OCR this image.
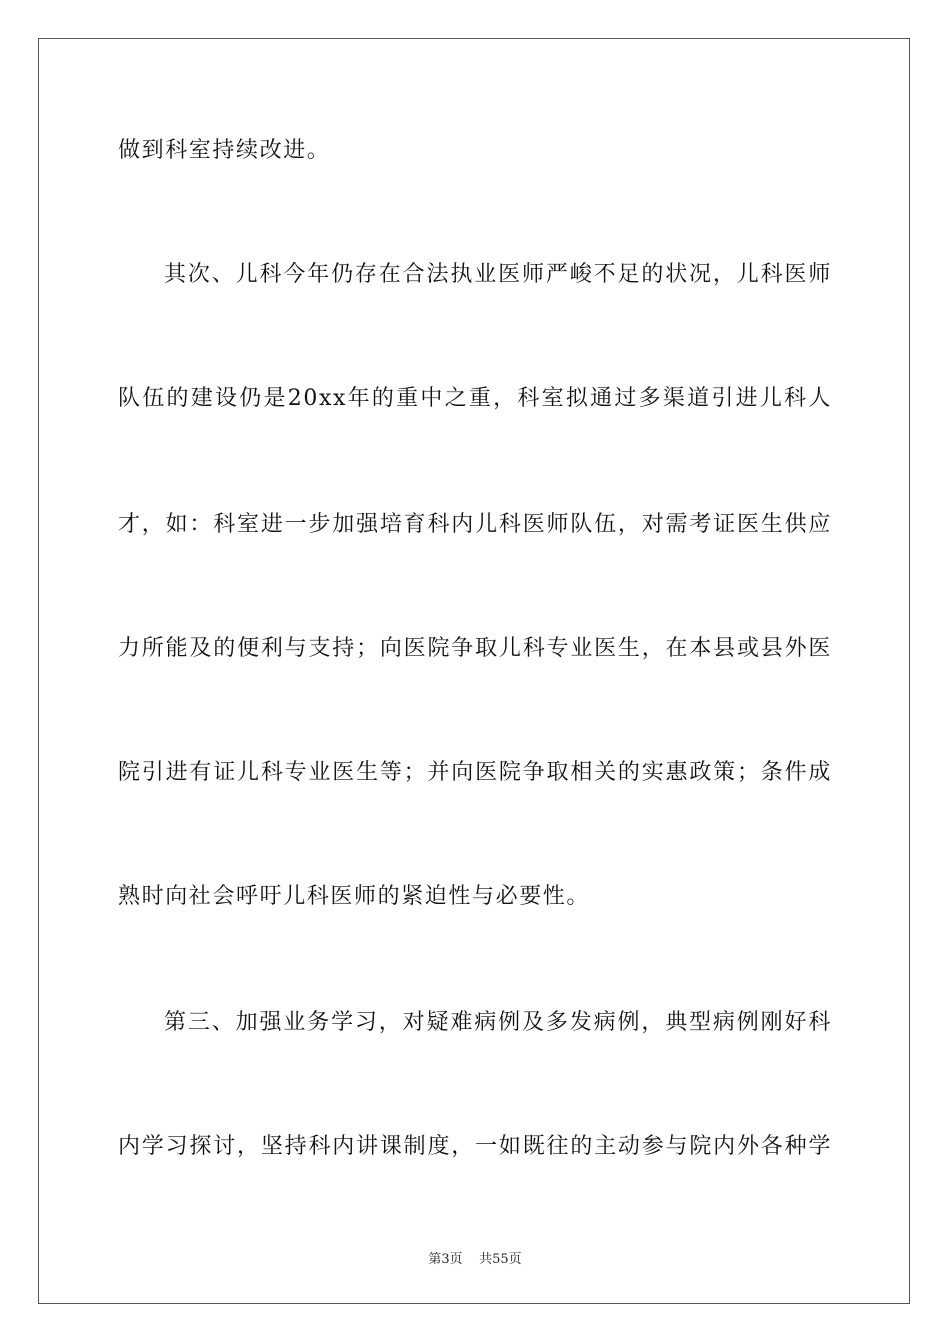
做到科室持续改进。
其次、儿科今年仍存在合法执业医师严峻不足的状况，儿科医师
队伍的建设仍是20xx年的重中之重，科室拟通过多渠道引进儿科人
才，如：科室进一步加强培育科内儿科医师队伍，对需考证医生供应
力所能及的便利与支持；向医院争取儿科专业医生，在本县或县外医
院引进有证儿科专业医生等；并向医院争取相关的实惠政策；条件成
熟时向社会呼吁儿科医师的紧迫性与必要性。
第三、加强业务学习，对疑难病例及多发病例，典型病例刚好科
内学习探讨，坚持科内讲课制度，一如既往的主动参与院内外各种学
第3页 共55页
